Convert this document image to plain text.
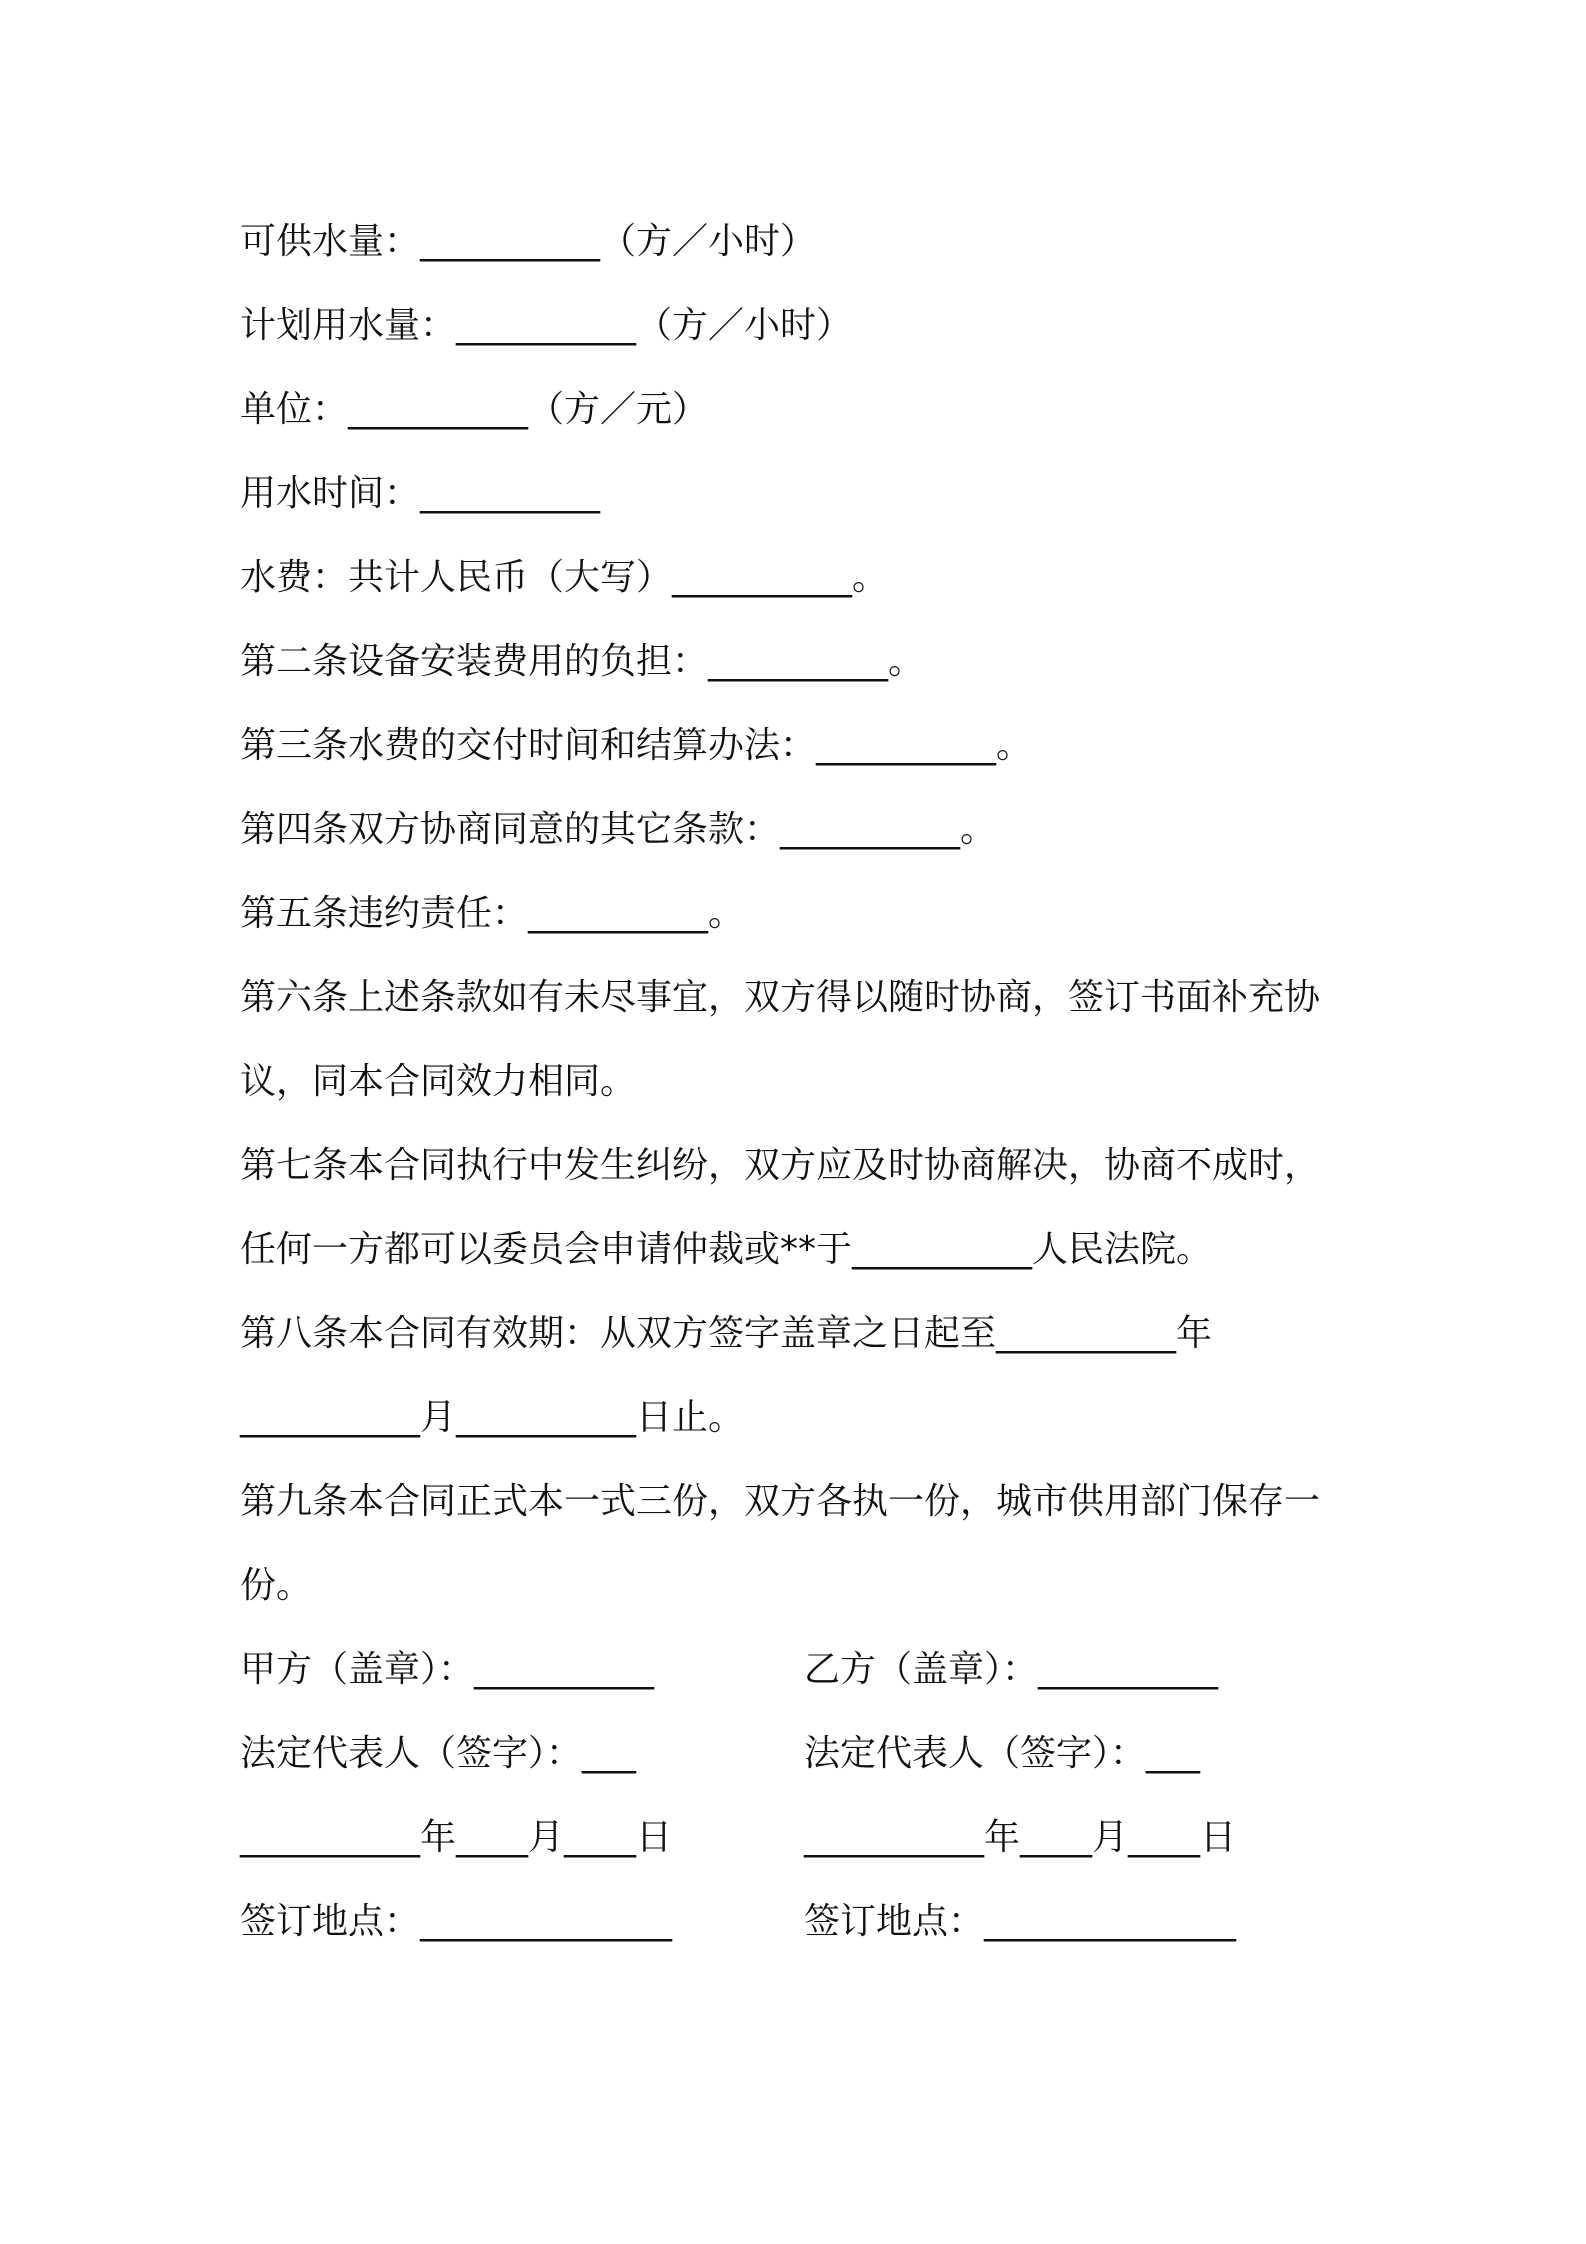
可供水量：__________（方／小时）
计划用水量：__________（方／小时）
单位：__________（方／元）
用水时间：__________
水费：共计人民币（大写）__________。
第二条设备安装费用的负担：__________。
第三条水费的交付时间和结算办法：__________。
第四条双方协商同意的其它条款：__________。
第五条违约责任：__________。
第六条上述条款如有未尽事宜，双方得以随时协商，签订书面补充协
议，同本合同效力相同。
第七条本合同执行中发生纠纷，双方应及时协商解决，协商不成时，
任何一方都可以委员会申请仲裁或**于__________人民法院。
第八条本合同有效期：从双方签字盖章之日起至__________年
__________月__________日止。
第九条本合同正式本一式三份，双方各执一份，城市供用部门保存一
份。
甲方（盖章）：__________	乙方（盖章）：__________
法定代表人（签字）：___	法定代表人（签字）：___
__________年____月____日	__________年____月____日
签订地点：______________	签订地点：______________
